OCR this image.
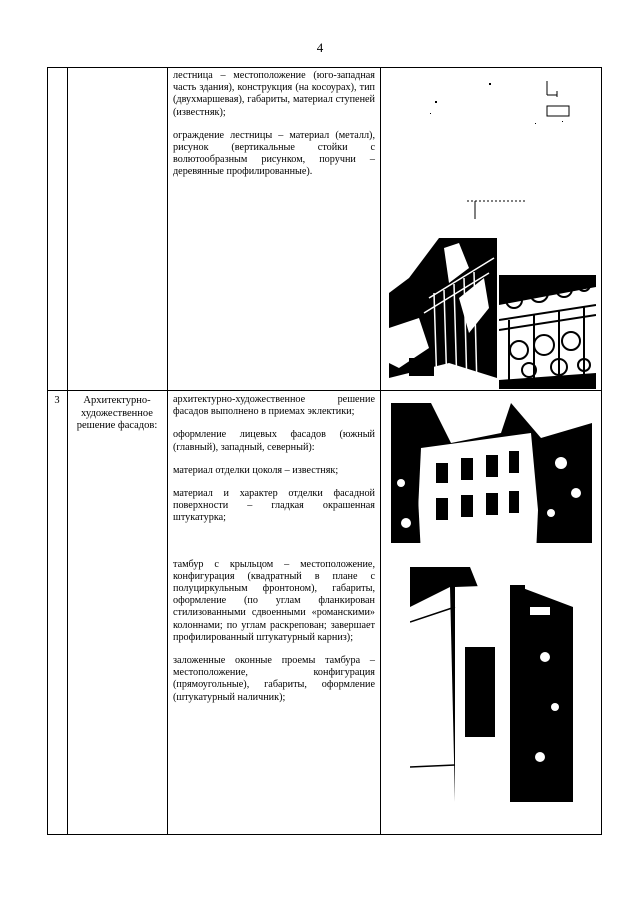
4

лестница – местоположение (юго-западная часть здания), конструкция (на косоурах), тип (двухмаршевая), габариты, материал ступеней (известняк);

ограждение лестницы – материал (металл), рисунок (вертикальные стойки с волютообразным рисунком, поручни – деревянные профилированные).

3	Архитектурно-художественное решение фасадов:

архитектурно-художественное решение фасадов выполнено в приемах эклектики;

оформление лицевых фасадов (южный (главный), западный, северный):

материал отделки цоколя – известняк;

материал и характер отделки фасадной поверхности – гладкая окрашенная штукатурка;

тамбур с крыльцом – местоположение, конфигурация (квадратный в плане с полуциркульным фронтоном), габариты, оформление (по углам фланкирован стилизованными сдвоенными «романскими» колоннами; по углам раскрепован; завершает профилированный штукатурный карниз);

заложенные оконные проемы тамбура – местоположение, конфигурация (прямоугольные), габариты, оформление (штукатурный наличник);
